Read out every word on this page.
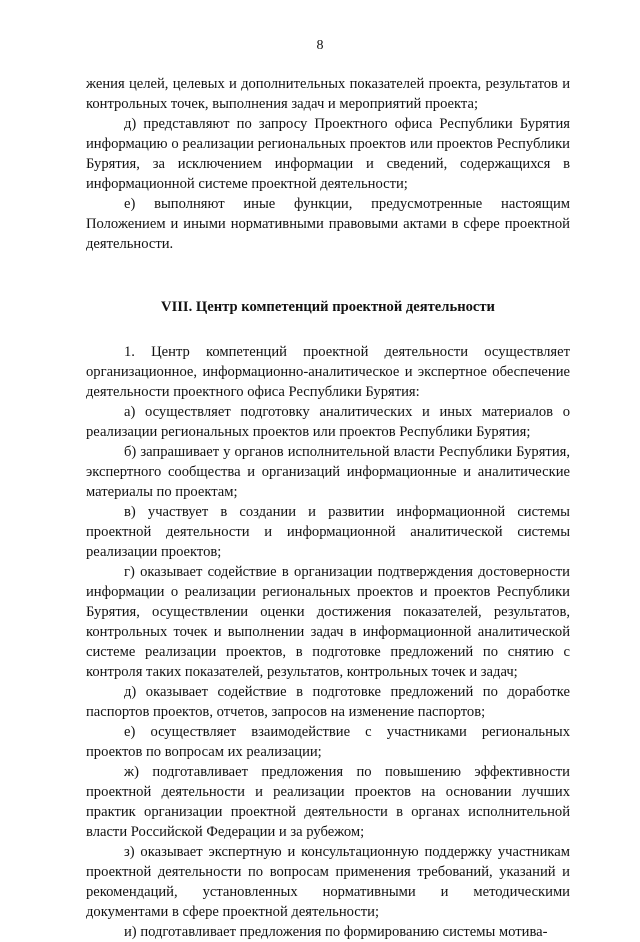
8

жения целей, целевых и дополнительных показателей проекта, результатов и контрольных точек, выполнения задач и мероприятий проекта;

д) представляют по запросу Проектного офиса Республики Бурятия информацию о реализации региональных проектов или проектов Республики Бурятия, за исключением информации и сведений, содержащихся в информационной системе проектной деятельности;

е) выполняют иные функции, предусмотренные настоящим Положением и иными нормативными правовыми актами в сфере проектной деятельности.

VIII. Центр компетенций проектной деятельности

1. Центр компетенций проектной деятельности осуществляет организационное, информационно-аналитическое и экспертное обеспечение деятельности проектного офиса Республики Бурятия:

а) осуществляет подготовку аналитических и иных материалов о реализации региональных проектов или проектов Республики Бурятия;

б) запрашивает у органов исполнительной власти Республики Бурятия, экспертного сообщества и организаций информационные и аналитические материалы по проектам;

в) участвует в создании и развитии информационной системы проектной деятельности и информационной аналитической системы реализации проектов;

г) оказывает содействие в организации подтверждения достоверности информации о реализации региональных проектов и проектов Республики Бурятия, осуществлении оценки достижения показателей, результатов, контрольных точек и выполнении задач в информационной аналитической системе реализации проектов, в подготовке предложений по снятию с контроля таких показателей, результатов, контрольных точек и задач;

д) оказывает содействие в подготовке предложений по доработке паспортов проектов, отчетов, запросов на изменение паспортов;

е) осуществляет взаимодействие с участниками региональных проектов по вопросам их реализации;

ж) подготавливает предложения по повышению эффективности проектной деятельности и реализации проектов на основании лучших практик организации проектной деятельности в органах исполнительной власти Российской Федерации и за рубежом;

з) оказывает экспертную и консультационную поддержку участникам проектной деятельности по вопросам применения требований, указаний и рекомендаций, установленных нормативными и методическими документами в сфере проектной деятельности;

и) подготавливает предложения по формированию системы мотива-
